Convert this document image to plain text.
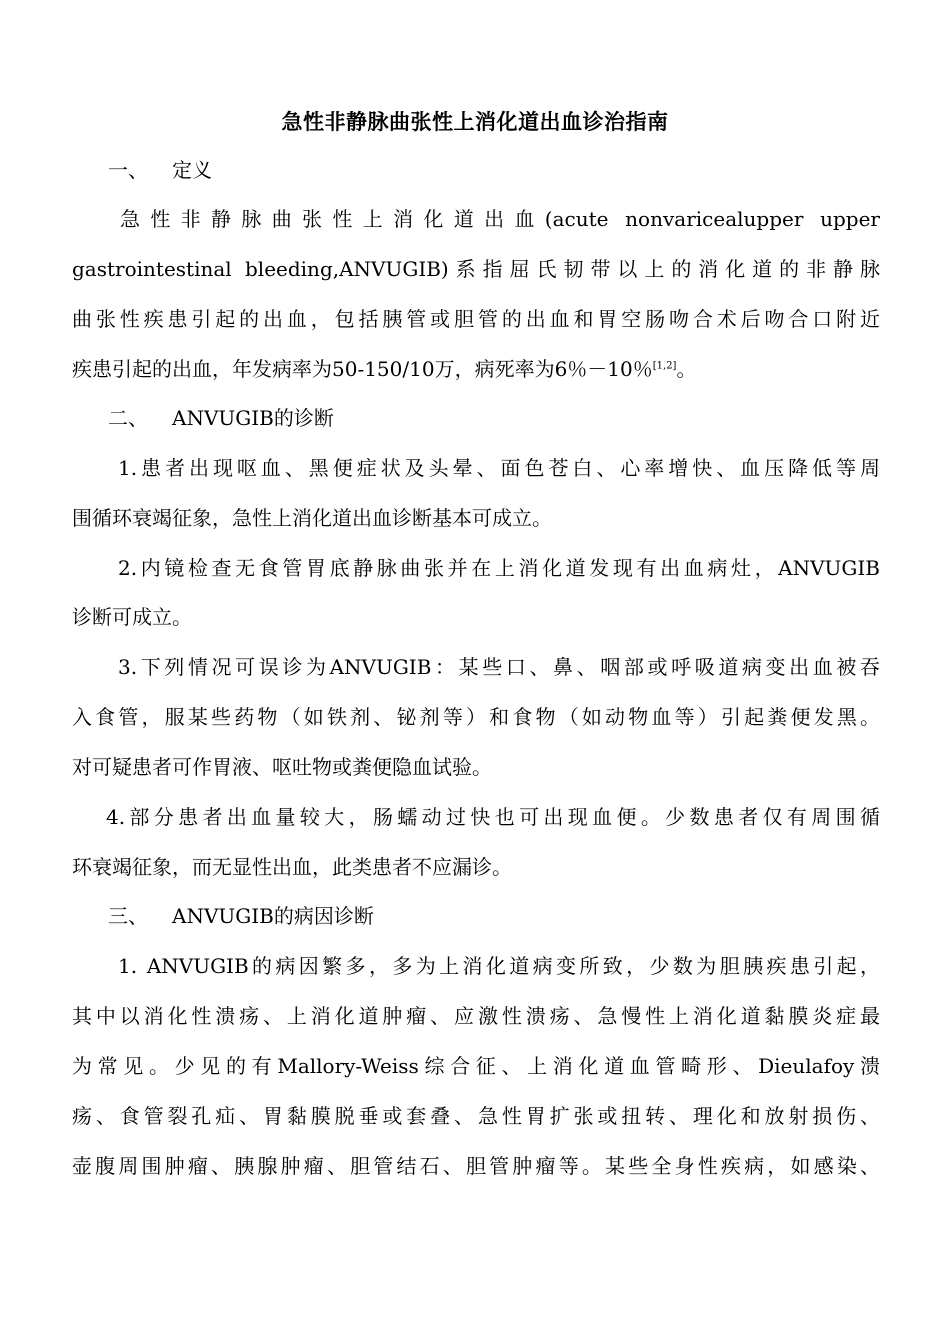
急性非静脉曲张性上消化道出血诊治指南
一、 定义
急性非静脉曲张性上消化道出血(acute nonvaricealupper upper
gastrointestinal bleeding,ANVUGIB)系指屈氏韧带以上的消化道的非静脉
曲张性疾患引起的出血，包括胰管或胆管的出血和胃空肠吻合术后吻合口附近
疾患引起的出血，年发病率为50-150/10万，病死率为6％－10％[1,2]。
二、 ANVUGIB的诊断
1.患者出现呕血、黑便症状及头晕、面色苍白、心率增快、血压降低等周
围循环衰竭征象，急性上消化道出血诊断基本可成立。
2.内镜检查无食管胃底静脉曲张并在上消化道发现有出血病灶，ANVUGIB
诊断可成立。
3.下列情况可误诊为ANVUGIB：某些口、鼻、咽部或呼吸道病变出血被吞
入食管，服某些药物（如铁剂、铋剂等）和食物（如动物血等）引起粪便发黑。
对可疑患者可作胃液、呕吐物或粪便隐血试验。
4.部分患者出血量较大，肠蠕动过快也可出现血便。少数患者仅有周围循
环衰竭征象，而无显性出血，此类患者不应漏诊。
三、 ANVUGIB的病因诊断
1. ANVUGIB的病因繁多，多为上消化道病变所致，少数为胆胰疾患引起，
其中以消化性溃疡、上消化道肿瘤、应激性溃疡、急慢性上消化道黏膜炎症最
为常见。少见的有Mallory-Weiss综合征、上消化道血管畸形、Dieulafoy溃
疡、食管裂孔疝、胃黏膜脱垂或套叠、急性胃扩张或扭转、理化和放射损伤、
壶腹周围肿瘤、胰腺肿瘤、胆管结石、胆管肿瘤等。某些全身性疾病，如感染、
